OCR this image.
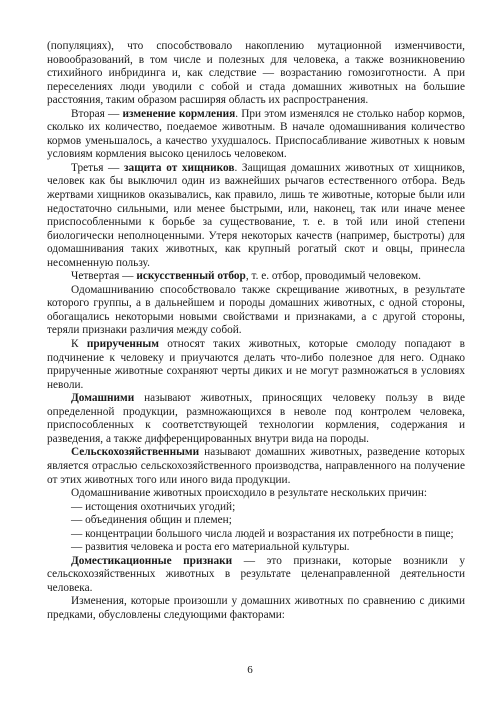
(популяциях), что способствовало накоплению мутационной изменчивости, новообразований, в том числе и полезных для человека, а также возникновению стихийного инбридинга и, как следствие — возрастанию гомозиготности. А при переселениях люди уводили с собой и стада домашних животных на большие расстояния, таким образом расширяя область их распространения.

Вторая — изменение кормления. При этом изменялся не столько набор кормов, сколько их количество, поедаемое животным. В начале одомашнивания количество кормов уменьшалось, а качество ухудшалось. Приспосабливание животных к новым условиям кормления высоко ценилось человеком.

Третья — защита от хищников. Защищая домашних животных от хищников, человек как бы выключил один из важнейших рычагов естественного отбора. Ведь жертвами хищников оказывались, как правило, лишь те животные, которые были или недостаточно сильными, или менее быстрыми, или, наконец, так или иначе менее приспособленными к борьбе за существование, т. е. в той или иной степени биологически неполноценными. Утеря некоторых качеств (например, быстроты) для одомашнивания таких животных, как крупный рогатый скот и овцы, принесла несомненную пользу.

Четвертая — искусственный отбор, т. е. отбор, проводимый человеком.

Одомашниванию способствовало также скрещивание животных, в результате которого группы, а в дальнейшем и породы домашних животных, с одной стороны, обогащались некоторыми новыми свойствами и признаками, а с другой стороны, теряли признаки различия между собой.

К прирученным относят таких животных, которые смолоду попадают в подчинение к человеку и приучаются делать что-либо полезное для него. Однако прирученные животные сохраняют черты диких и не могут размножаться в условиях неволи.

Домашними называют животных, приносящих человеку пользу в виде определенной продукции, размножающихся в неволе под контролем человека, приспособленных к соответствующей технологии кормления, содержания и разведения, а также дифференцированных внутри вида на породы.

Сельскохозяйственными называют домашних животных, разведение которых является отраслью сельскохозяйственного производства, направленного на получение от этих животных того или иного вида продукции.

Одомашнивание животных происходило в результате нескольких причин:

— истощения охотничьих угодий;

— объединения общин и племен;

— концентрации большого числа людей и возрастания их потребности в пище;

— развития человека и роста его материальной культуры.

Доместикационные признаки — это признаки, которые возникли у сельскохозяйственных животных в результате целенаправленной деятельности человека.

Изменения, которые произошли у домашних животных по сравнению с дикими предками, обусловлены следующими факторами:

6
